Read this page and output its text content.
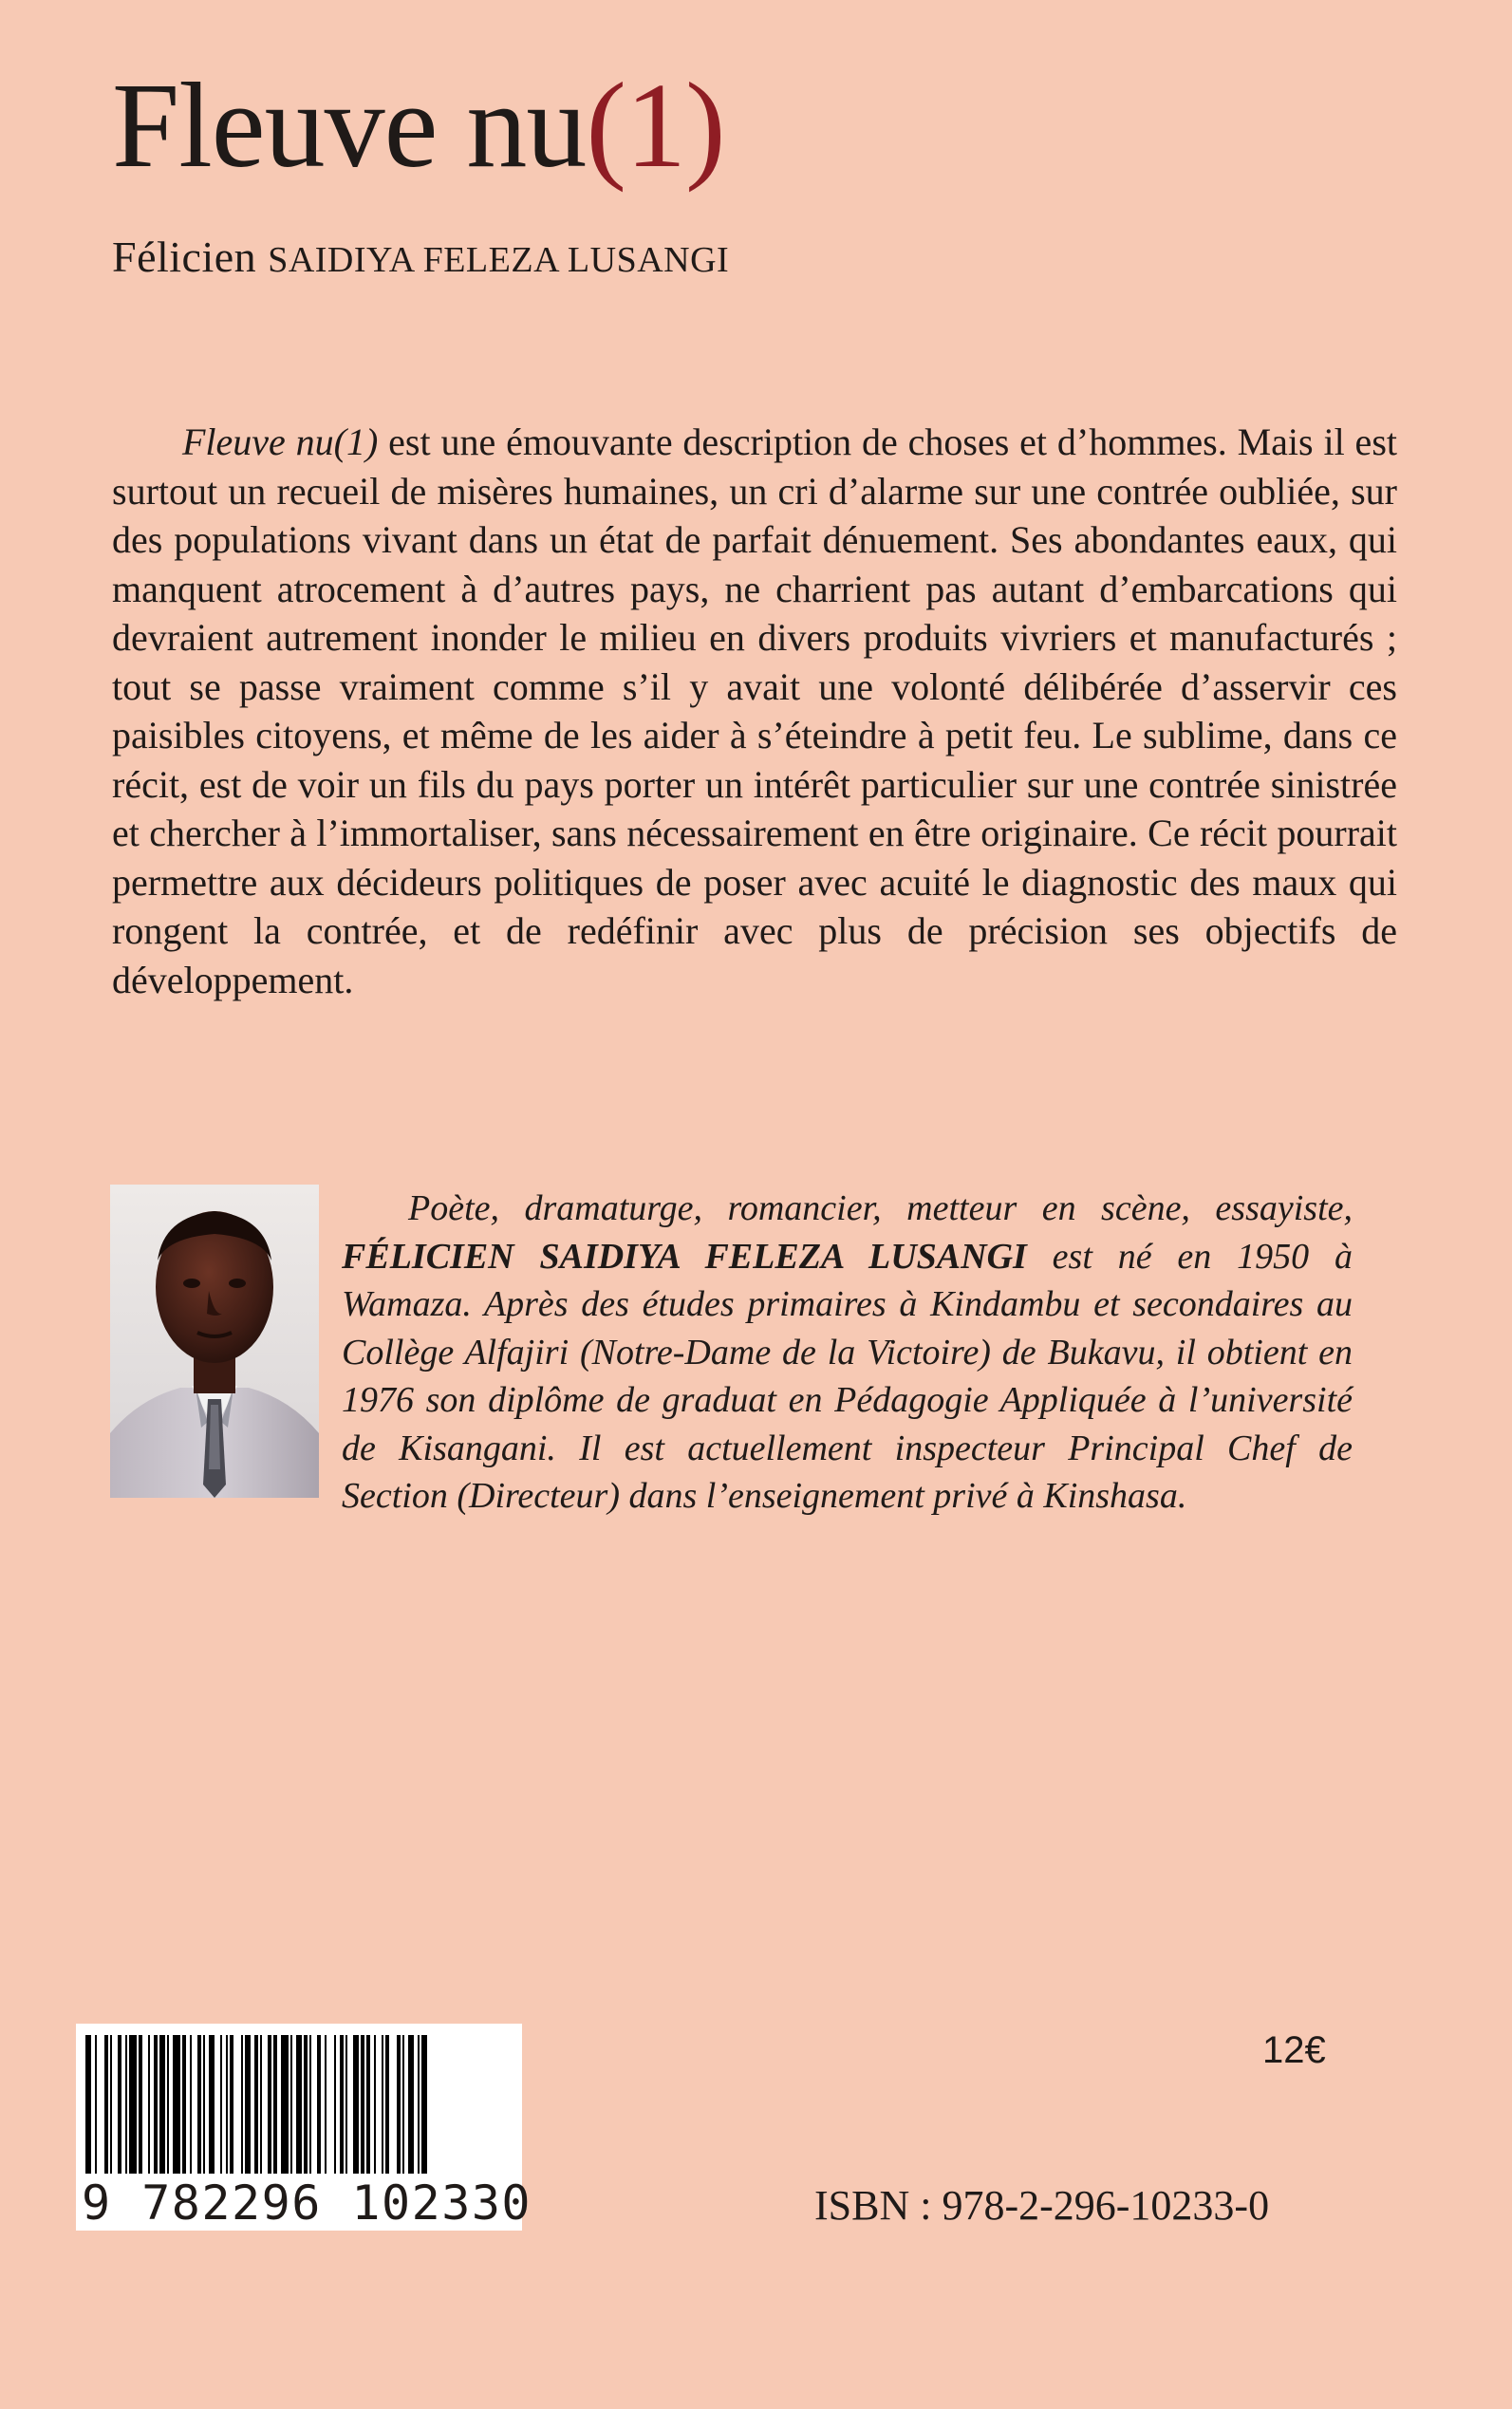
Fleuve nu(1)
Félicien SAIDIYA FELEZA LUSANGI
Fleuve nu(1) est une émouvante description de choses et d’hommes. Mais il est surtout un recueil de misères humaines, un cri d’alarme sur une contrée oubliée, sur des populations vivant dans un état de parfait dénuement. Ses abondantes eaux, qui manquent atrocement à d’autres pays, ne charrient pas autant d’embarcations qui devraient autrement inonder le milieu en divers produits vivriers et manufacturés ; tout se passe vraiment comme s’il y avait une volonté délibérée d’asservir ces paisibles citoyens, et même de les aider à s’éteindre à petit feu. Le sublime, dans ce récit, est de voir un fils du pays porter un intérêt particulier sur une contrée sinistrée et chercher à l’immortaliser, sans nécessairement en être originaire. Ce récit pourrait permettre aux décideurs politiques de poser avec acuité le diagnostic des maux qui rongent la contrée, et de redéfinir avec plus de précision ses objectifs de développement.
Poète, dramaturge, romancier, metteur en scène, essayiste, FÉLICIEN SAIDIYA FELEZA LUSANGI est né en 1950 à Wamaza. Après des études primaires à Kindambu et secondaires au Collège Alfajiri (Notre-Dame de la Victoire) de Bukavu, il obtient en 1976 son diplôme de graduat en Pédagogie Appliquée à l’université de Kisangani. Il est actuellement inspecteur Principal Chef de Section (Directeur) dans l’enseignement privé à Kinshasa.
9 782296 102330
12€
ISBN : 978-2-296-10233-0
